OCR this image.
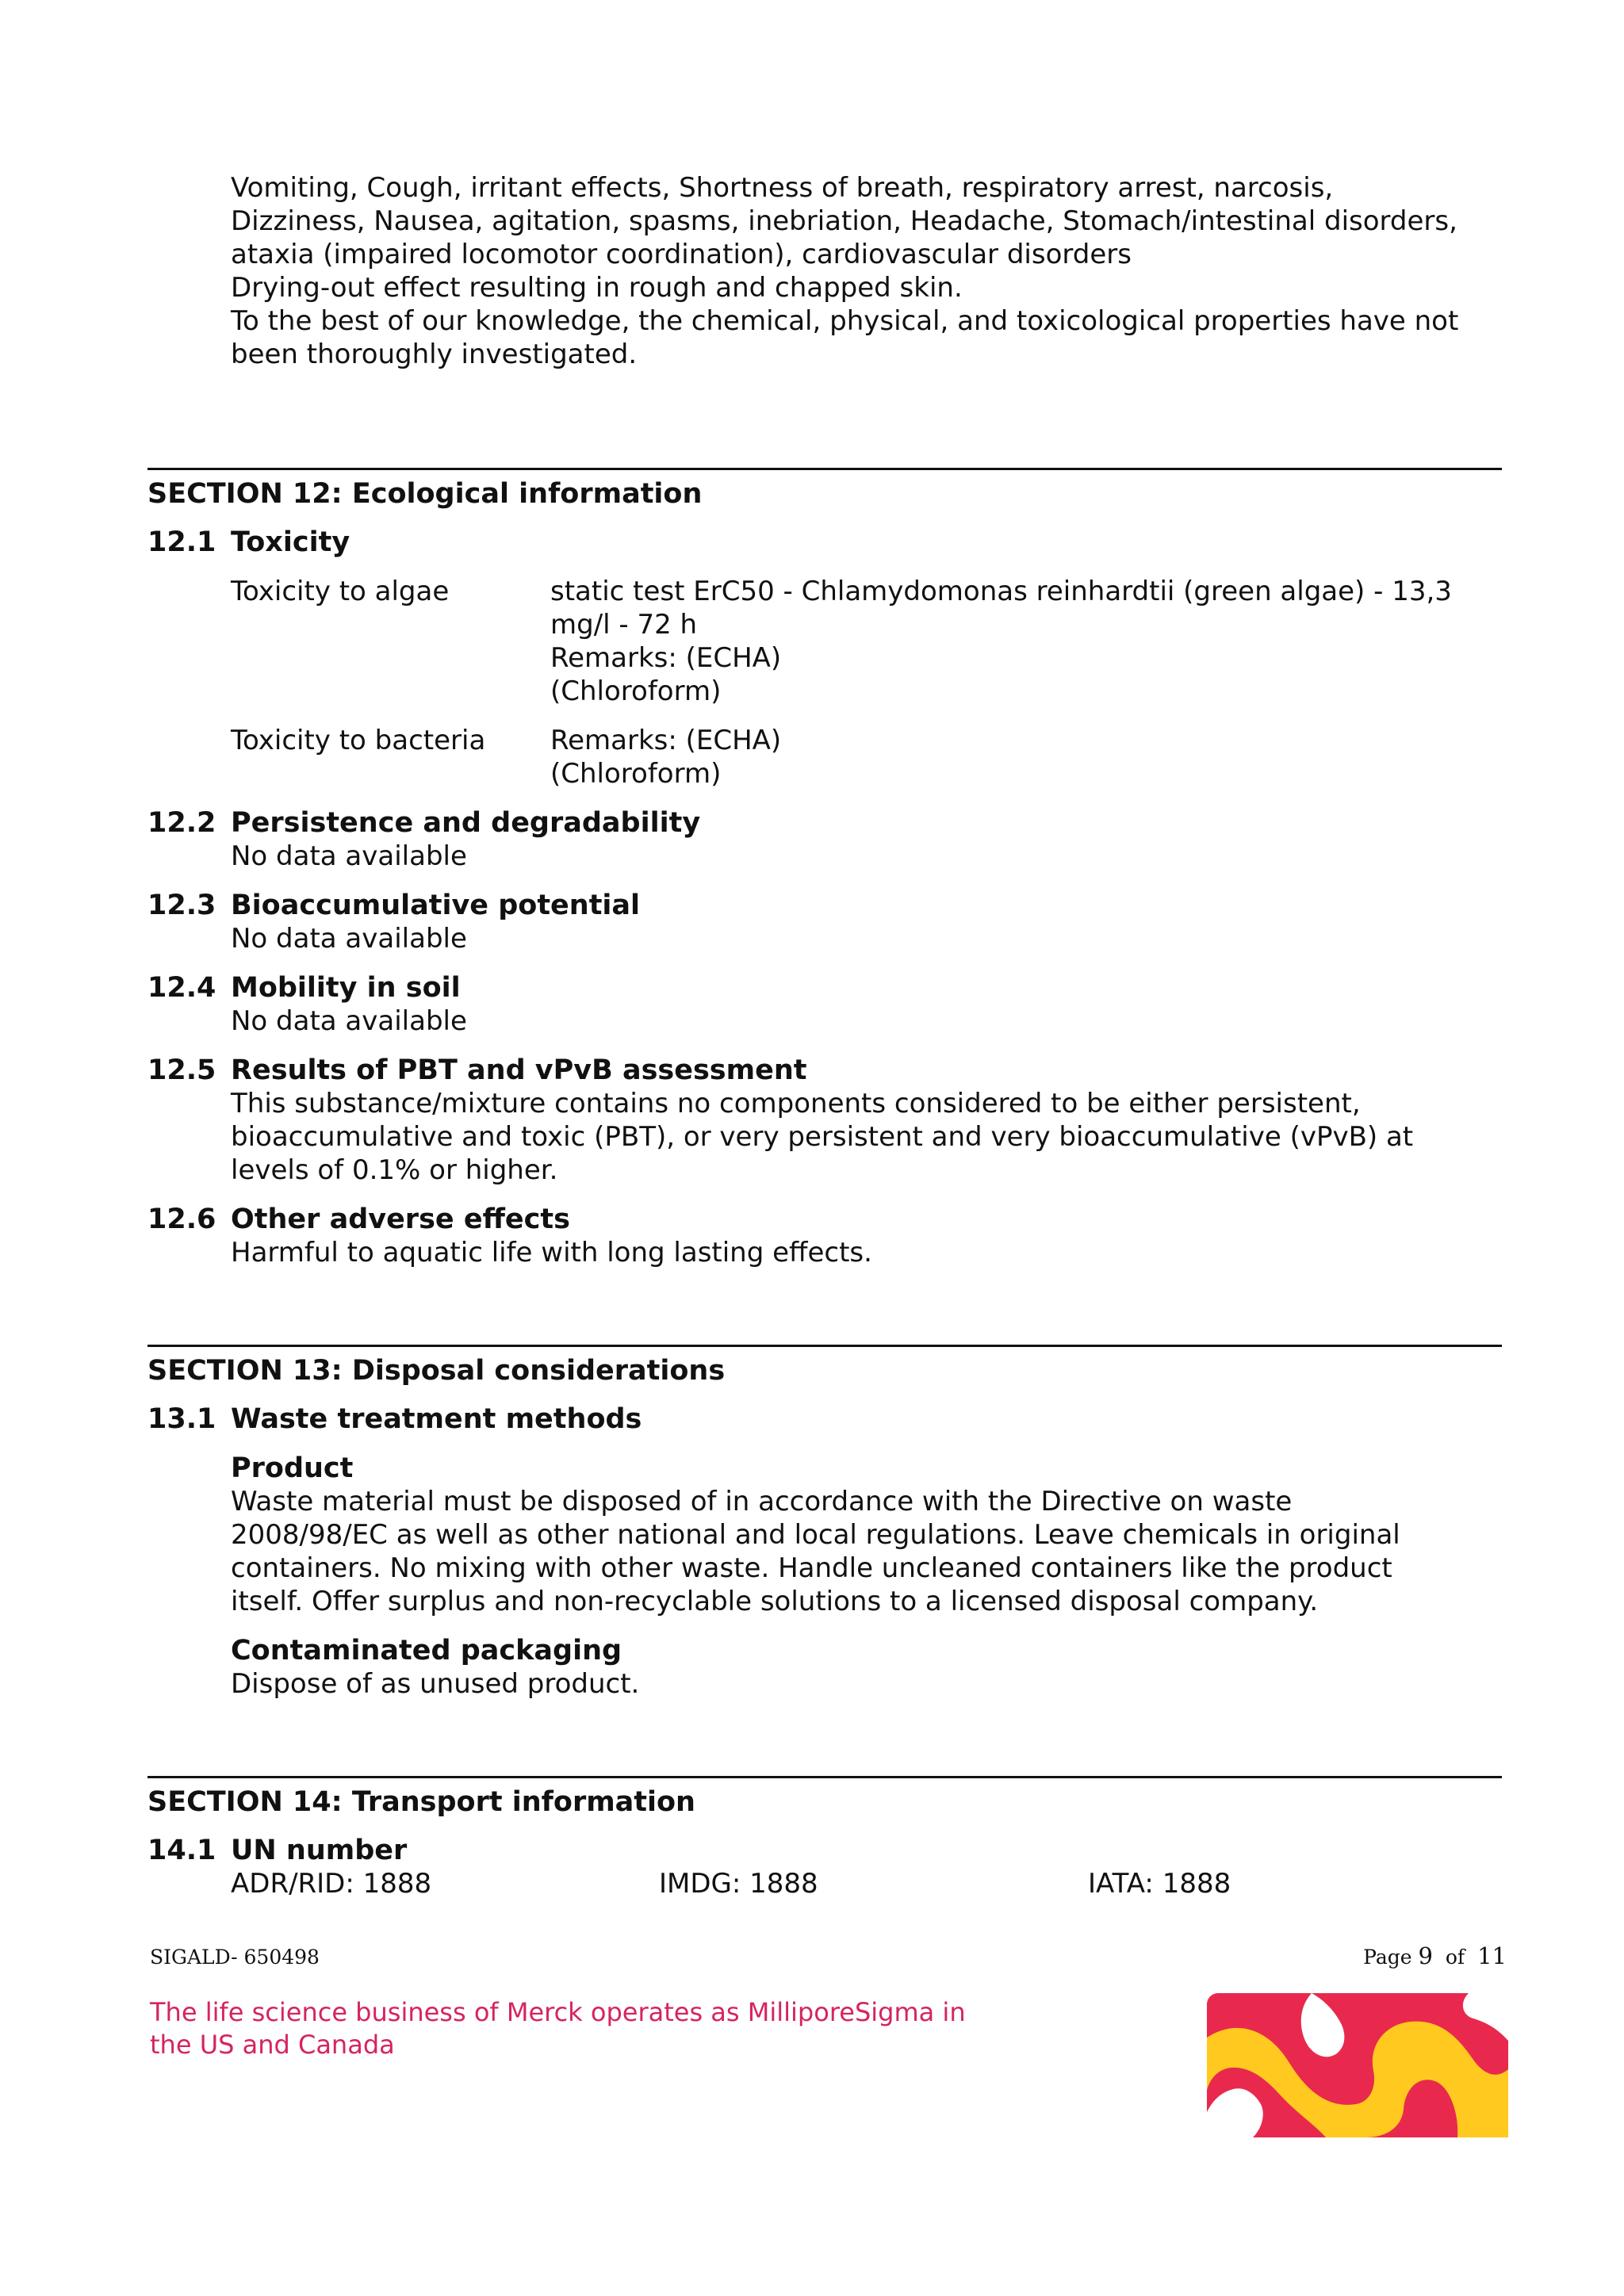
Vomiting, Cough, irritant effects, Shortness of breath, respiratory arrest, narcosis,

Dizziness, Nausea, agitation, spasms, inebriation, Headache, Stomach/intestinal disorders,

ataxia (impaired locomotor coordination), cardiovascular disorders

Drying-out effect resulting in rough and chapped skin.

To the best of our knowledge, the chemical, physical, and toxicological properties have not

been thoroughly investigated.

SECTION 12: Ecological information
12.1 Toxicity
Toxicity to algae	static test ErC50 - Chlamydomonas reinhardtii (green algae) - 13,3

mg/l - 72 h

Remarks: (ECHA)

(Chloroform)

Toxicity to bacteria	Remarks: (ECHA)

(Chloroform)

12.2 Persistence and degradability
No data available
12.3 Bioaccumulative potential
No data available
12.4 Mobility in soil
No data available
12.5 Results of PBT and vPvB assessment

This substance/mixture contains no components considered to be either persistent,

bioaccumulative and toxic (PBT), or very persistent and very bioaccumulative (vPvB) at

levels of 0.1% or higher.

12.6 Other adverse effects
Harmful to aquatic life with long lasting effects.
SECTION 13: Disposal considerations
13.1 Waste treatment methods
Product

Waste material must be disposed of in accordance with the Directive on waste

2008/98/EC as well as other national and local regulations. Leave chemicals in original

containers. No mixing with other waste. Handle uncleaned containers like the product

itself. Offer surplus and non-recyclable solutions to a licensed disposal company.

Contaminated packaging

Dispose of as unused product.

SECTION 14: Transport information
14.1 UN number
ADR/RID: 1888	IMDG: 1888	IATA: 1888
SIGALD- 650498	Page 9 of 11
The life science business of Merck operates as MilliporeSigma in
the US and Canada
